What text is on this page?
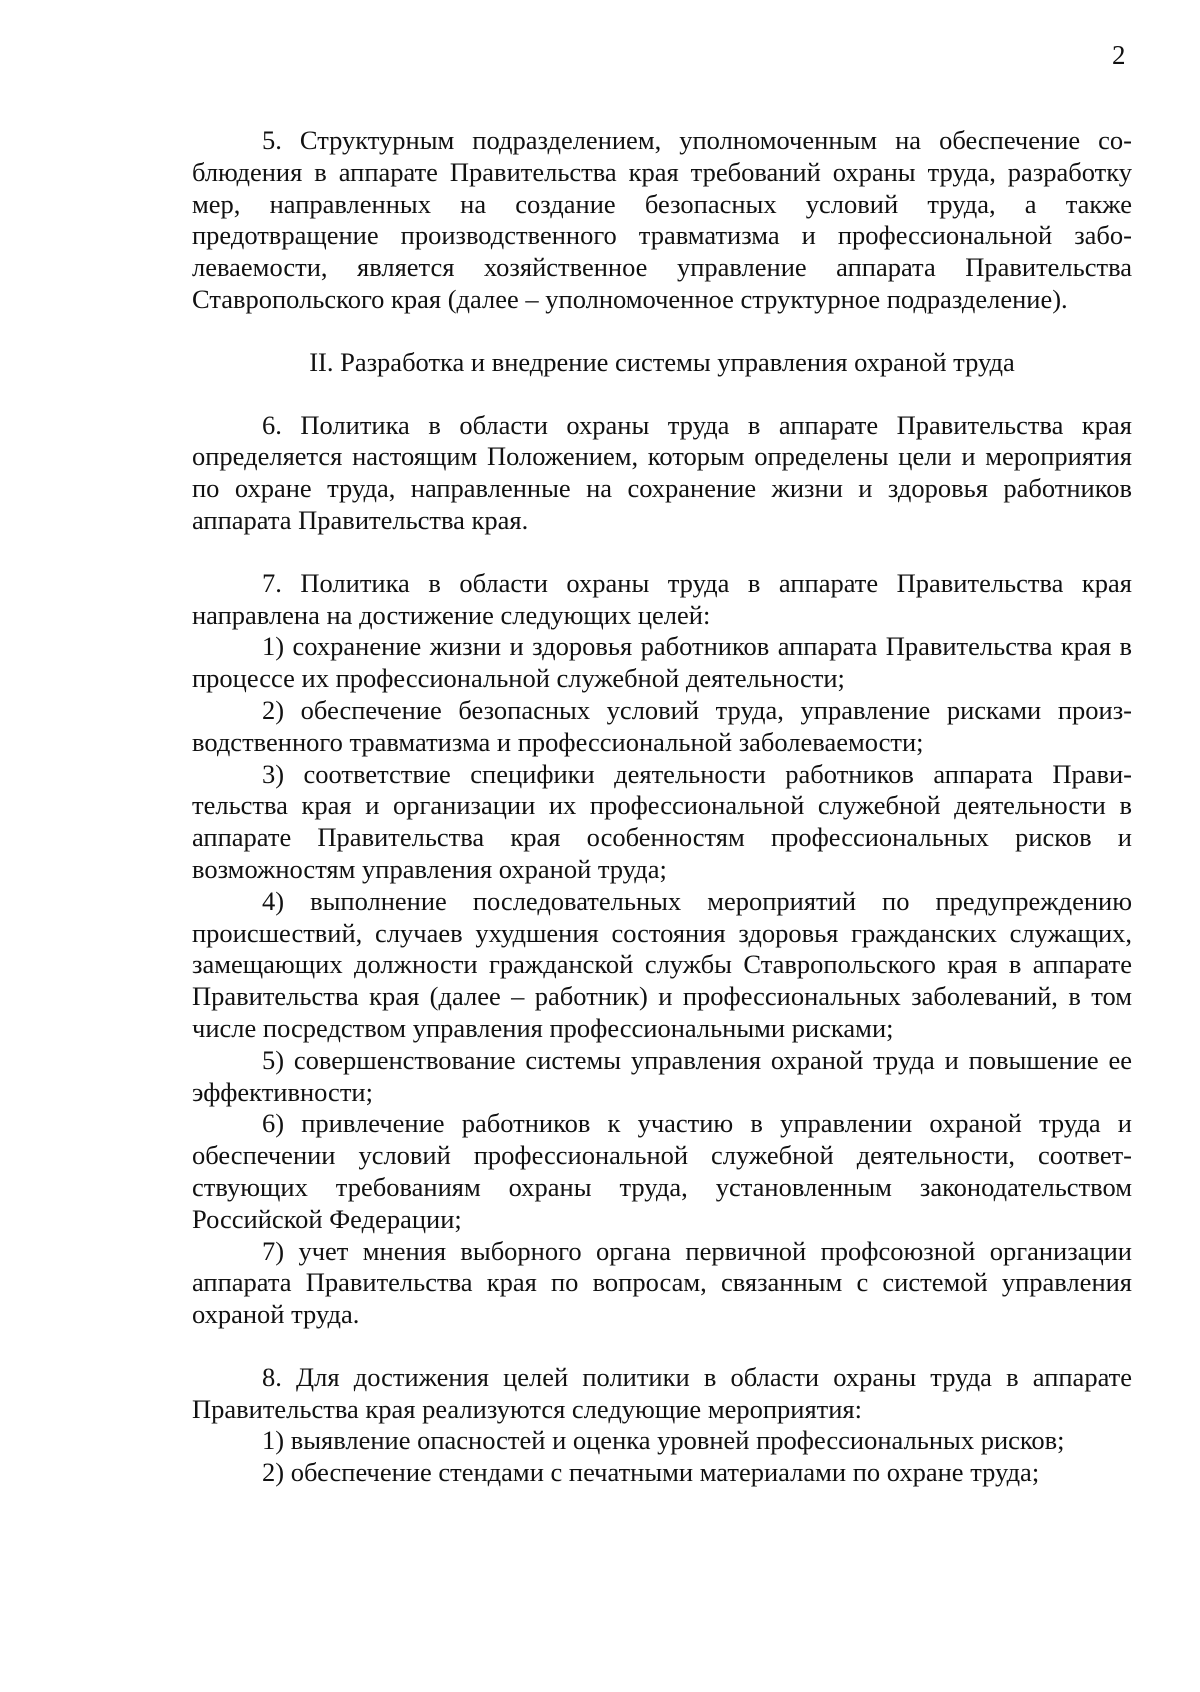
2

5. Структурным подразделением, уполномоченным на обеспечение соблюдения в аппарате Правительства края требований охраны труда, разработку мер, направленных на создание безопасных условий труда, а также предотвращение производственного травматизма и профессиональной заболеваемости, является хозяйственное управление аппарата Правительства Ставропольского края (далее – уполномоченное структурное подразделение).

II. Разработка и внедрение системы управления охраной труда

6. Политика в области охраны труда в аппарате Правительства края определяется настоящим Положением, которым определены цели и мероприятия по охране труда, направленные на сохранение жизни и здоровья работников аппарата Правительства края.

7. Политика в области охраны труда в аппарате Правительства края направлена на достижение следующих целей:

1) сохранение жизни и здоровья работников аппарата Правительства края в процессе их профессиональной служебной деятельности;

2) обеспечение безопасных условий труда, управление рисками производственного травматизма и профессиональной заболеваемости;

3) соответствие специфики деятельности работников аппарата Правительства края и организации их профессиональной служебной деятельности в аппарате Правительства края особенностям профессиональных рисков и возможностям управления охраной труда;

4) выполнение последовательных мероприятий по предупреждению происшествий, случаев ухудшения состояния здоровья гражданских служащих, замещающих должности гражданской службы Ставропольского края в аппарате Правительства края (далее – работник) и профессиональных заболеваний, в том числе посредством управления профессиональными рисками;

5) совершенствование системы управления охраной труда и повышение ее эффективности;

6) привлечение работников к участию в управлении охраной труда и обеспечении условий профессиональной служебной деятельности, соответствующих требованиям охраны труда, установленным законодательством Российской Федерации;

7) учет мнения выборного органа первичной профсоюзной организации аппарата Правительства края по вопросам, связанным с системой управления охраной труда.

8. Для достижения целей политики в области охраны труда в аппарате Правительства края реализуются следующие мероприятия:

1) выявление опасностей и оценка уровней профессиональных рисков;

2) обеспечение стендами с печатными материалами по охране труда;
